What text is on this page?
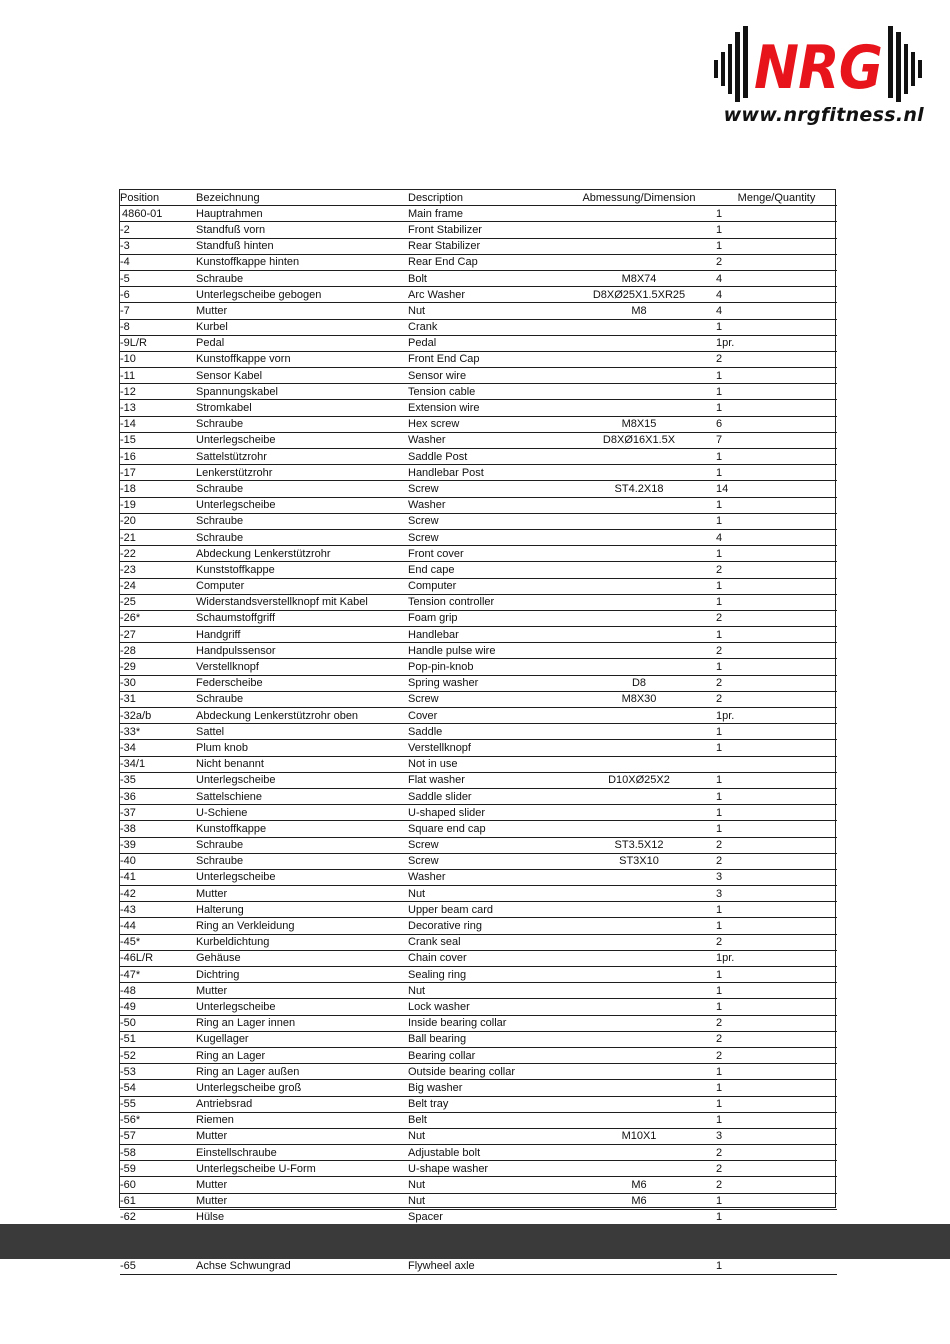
NRG
www.nrgfitness.nl
Position	Bezeichnung	Description	Abmessung/Dimension	Menge/Quantity
4860-01	Hauptrahmen	Main frame		1
-2	Standfuß vorn	Front Stabilizer		1
-3	Standfuß hinten	Rear Stabilizer		1
-4	Kunstoffkappe hinten	Rear End Cap		2
-5	Schraube	Bolt	M8X74	4
-6	Unterlegscheibe gebogen	Arc Washer	D8XØ25X1.5XR25	4
-7	Mutter	Nut	M8	4
-8	Kurbel	Crank		1
-9L/R	Pedal	Pedal		1pr.
-10	Kunstoffkappe vorn	Front End Cap		2
-11	Sensor Kabel	Sensor wire		1
-12	Spannungskabel	Tension cable		1
-13	Stromkabel	Extension wire		1
-14	Schraube	Hex screw	M8X15	6
-15	Unterlegscheibe	Washer	D8XØ16X1.5X	7
-16	Sattelstützrohr	Saddle Post		1
-17	Lenkerstützrohr	Handlebar Post		1
-18	Schraube	Screw	ST4.2X18	14
-19	Unterlegscheibe	Washer		1
-20	Schraube	Screw		1
-21	Schraube	Screw		4
-22	Abdeckung Lenkerstützrohr	Front cover		1
-23	Kunststoffkappe	End cape		2
-24	Computer	Computer		1
-25	Widerstandsverstellknopf mit Kabel	Tension controller		1
-26*	Schaumstoffgriff	Foam grip		2
-27	Handgriff	Handlebar		1
-28	Handpulssensor	Handle pulse wire		2
-29	Verstellknopf	Pop-pin-knob		1
-30	Federscheibe	Spring washer	D8	2
-31	Schraube	Screw	M8X30	2
-32a/b	Abdeckung Lenkerstützrohr oben	Cover		1pr.
-33*	Sattel	Saddle		1
-34	Plum knob	Verstellknopf		1
-34/1	Nicht benannt	Not in use		
-35	Unterlegscheibe	Flat washer	D10XØ25X2	1
-36	Sattelschiene	Saddle slider		1
-37	U-Schiene	U-shaped slider		1
-38	Kunstoffkappe	Square end cap		1
-39	Schraube	Screw	ST3.5X12	2
-40	Schraube	Screw	ST3X10	2
-41	Unterlegscheibe	Washer		3
-42	Mutter	Nut		3
-43	Halterung	Upper beam card		1
-44	Ring an Verkleidung	Decorative ring		1
-45*	Kurbeldichtung	Crank seal		2
-46L/R	Gehäuse	Chain cover		1pr.
-47*	Dichtring	Sealing ring		1
-48	Mutter	Nut		1
-49	Unterlegscheibe	Lock washer		1
-50	Ring an Lager innen	Inside bearing collar		2
-51	Kugellager	Ball bearing		2
-52	Ring an Lager	Bearing collar		2
-53	Ring an Lager außen	Outside bearing collar		1
-54	Unterlegscheibe groß	Big washer		1
-55	Antriebsrad	Belt tray		1
-56*	Riemen	Belt		1
-57	Mutter	Nut	M10X1	3
-58	Einstellschraube	Adjustable bolt		2
-59	Unterlegscheibe U-Form	U-shape washer		2
-60	Mutter	Nut	M6	2
-61	Mutter	Nut	M6	1
-62	Hülse	Spacer		1

-65	Achse Schwungrad	Flywheel axle		1
